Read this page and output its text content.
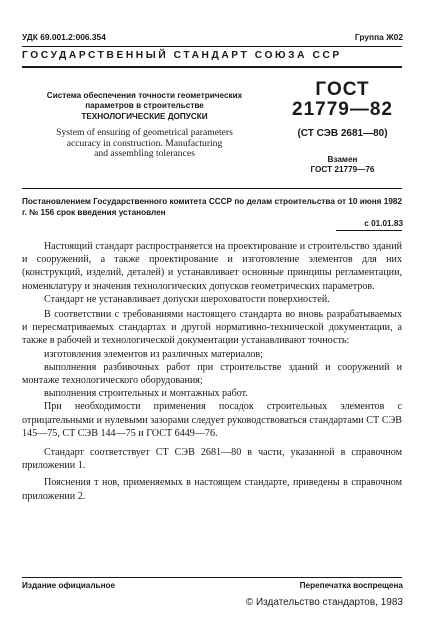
УДК 69.001.2:006.354	Группа Ж02
ГОСУДАРСТВЕННЫЙ СТАНДАРТ СОЮЗА ССР
Система обеспечения точности геометрических
параметров в строительстве
ТЕХНОЛОГИЧЕСКИЕ ДОПУСКИ
System of ensuring of geometrical parameters
accuracy in construction. Manufacturing
and assembling tolerances
ГОСТ
21779—82
(СТ СЭВ 2681—80)
Взамен
ГОСТ 21779—76
Постановлением Государственного комитета СССР по делам строительства от 10 июня 1982 г. № 156 срок введения установлен
с 01.01.83

Настоящий стандарт распространяется на проектирование и строительство зданий и сооружений, а также проектирование и изготовление элементов для них (конструкций, изделий, деталей) и устанавливает основные принципы регламентации, номенклатуру и значения технологических допусков геометрических параметров.

Стандарт не устанавливает допуски шероховатости поверхностей.

В соответствии с требованиями настоящего стандарта во вновь разрабатываемых и пересматриваемых стандартах и другой нормативно-технической документации, а также в рабочей и технологической документации устанавливают точность:

изготовления элементов из различных материалов;

выполнения разбивочных работ при строительстве зданий и сооружений и монтаже технологического оборудования;

выполнения строительных и монтажных работ.

При необходимости применения посадок строительных элементов с отрицательными и нулевыми зазорами следует руководствоваться стандартами СТ СЭВ 145—75, СТ СЭВ 144—75 и ГОСТ 6449—76.

Стандарт соответствует СТ СЭВ 2681—80 в части, указанной в справочном приложении 1.

Пояснения т нов, применяемых в настоящем стандарте, приведены в справочном приложении 2.

Издание официальное	Перепечатка воспрещена
© Издательство стандартов, 1983
